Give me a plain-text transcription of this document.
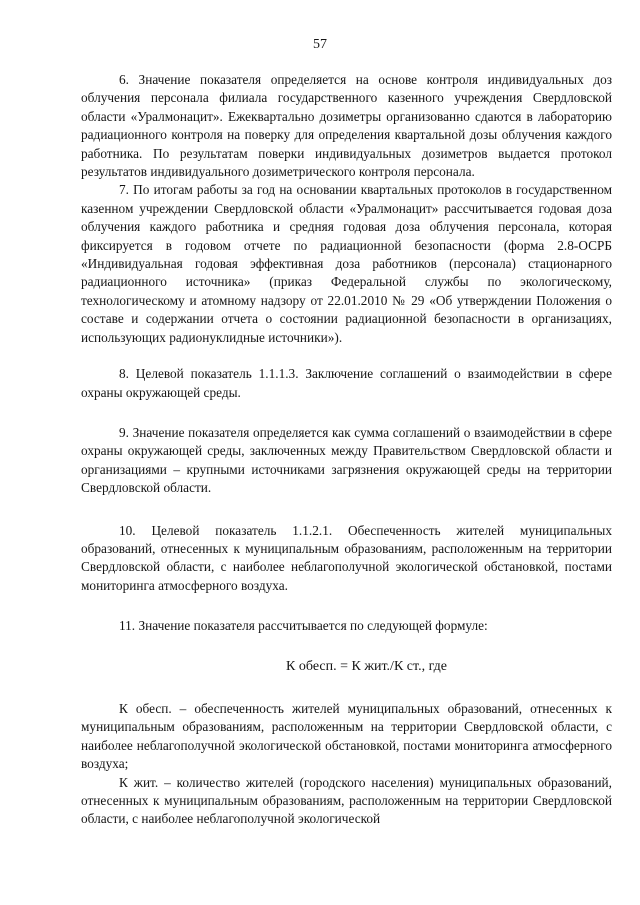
57

6. Значение показателя определяется на основе контроля индивидуальных доз облучения персонала филиала государственного казенного учреждения Свердловской области «Уралмонацит». Ежеквартально дозиметры организованно сдаются в лабораторию радиационного контроля на поверку для определения квартальной дозы облучения каждого работника. По результатам поверки индивидуальных дозиметров выдается протокол результатов индивидуального дозиметрического контроля персонала.

7. По итогам работы за год на основании квартальных протоколов в государственном казенном учреждении Свердловской области «Уралмонацит» рассчитывается годовая доза облучения каждого работника и средняя годовая доза облучения персонала, которая фиксируется в годовом отчете по радиационной безопасности (форма 2.8-ОСРБ «Индивидуальная годовая эффективная доза работников (персонала) стационарного радиационного источника» (приказ Федеральной службы по экологическому, технологическому и атомному надзору от 22.01.2010 № 29 «Об утверждении Положения о составе и содержании отчета о состоянии радиационной безопасности в организациях, использующих радионуклидные источники»).

8. Целевой показатель 1.1.1.3. Заключение соглашений о взаимодействии в сфере охраны окружающей среды.

9. Значение показателя определяется как сумма соглашений о взаимодействии в сфере охраны окружающей среды, заключенных между Правительством Свердловской области и организациями – крупными источниками загрязнения окружающей среды на территории Свердловской области.

10. Целевой показатель 1.1.2.1. Обеспеченность жителей муниципальных образований, отнесенных к муниципальным образованиям, расположенным на территории Свердловской области, с наиболее неблагополучной экологической обстановкой, постами мониторинга атмосферного воздуха.

11. Значение показателя рассчитывается по следующей формуле:

К обесп. = К жит./К ст., где

К обесп. – обеспеченность жителей муниципальных образований, отнесенных к муниципальным образованиям, расположенным на территории Свердловской области, с наиболее неблагополучной экологической обстановкой, постами мониторинга атмосферного воздуха;

К жит. – количество жителей (городского населения) муниципальных образований, отнесенных к муниципальным образованиям, расположенным на территории Свердловской области, с наиболее неблагополучной экологической
